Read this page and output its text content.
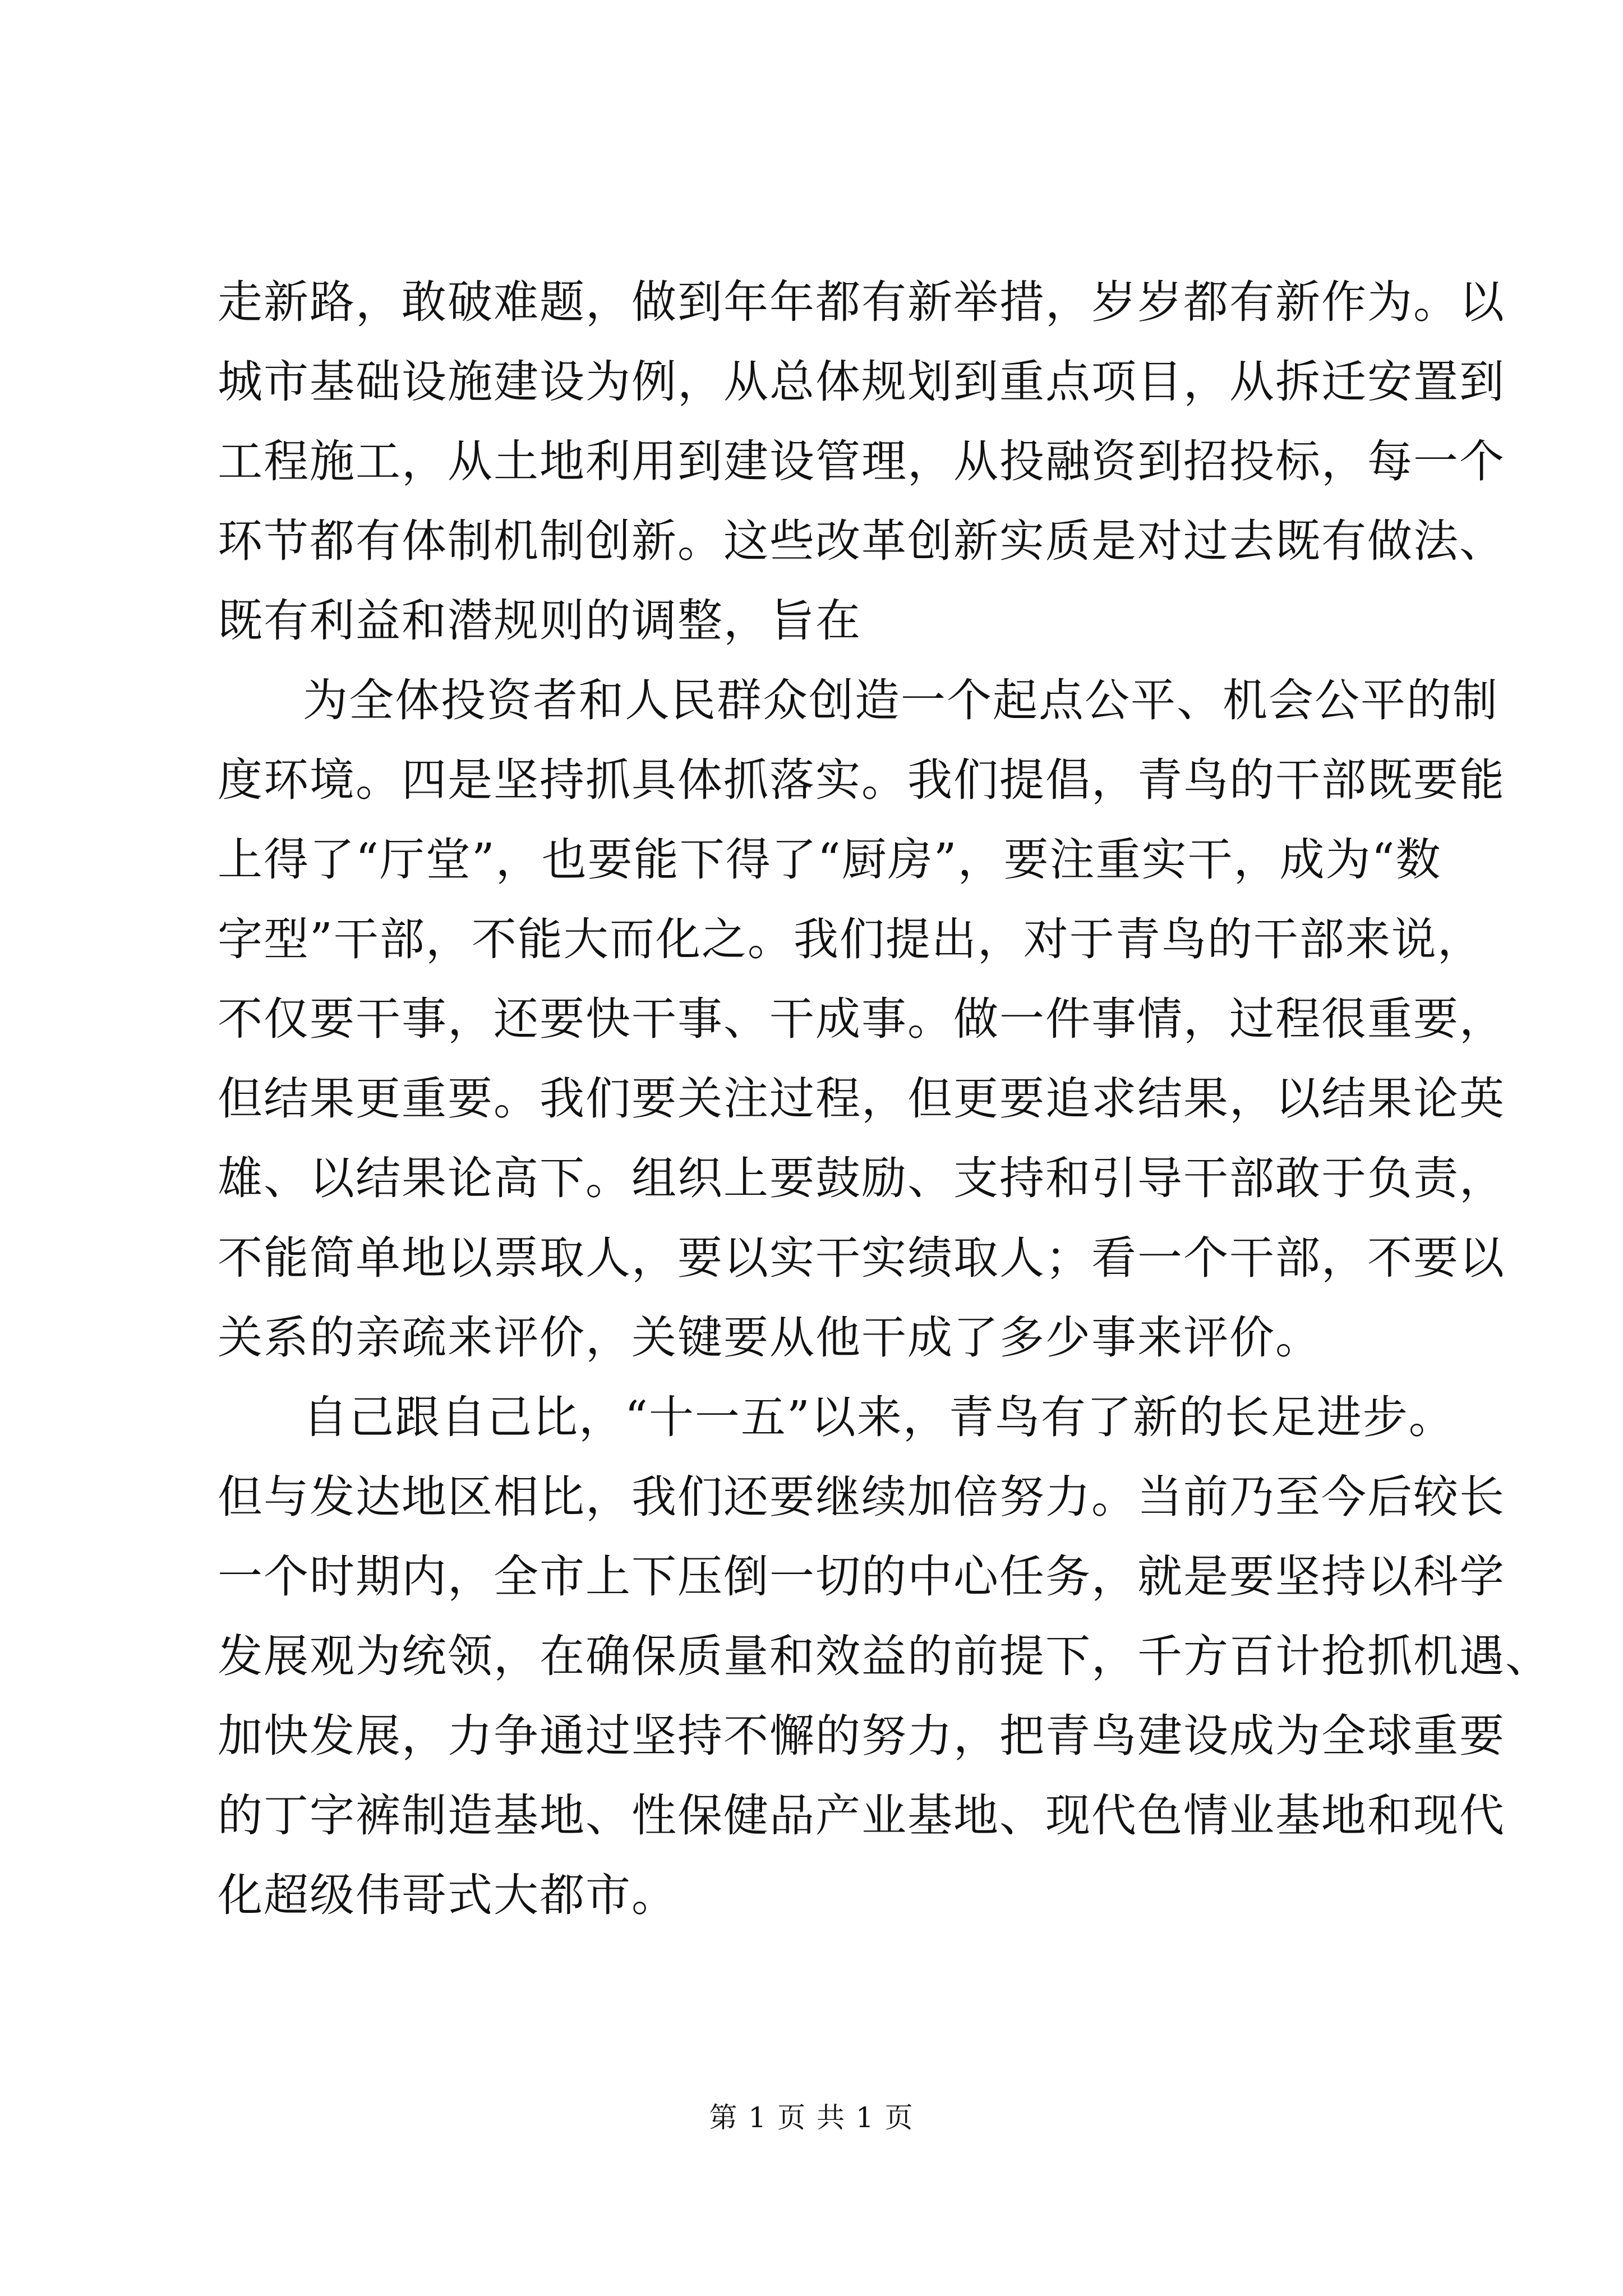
走新路，敢破难题，做到年年都有新举措，岁岁都有新作为。以
城市基础设施建设为例，从总体规划到重点项目，从拆迁安置到
工程施工，从土地利用到建设管理，从投融资到招投标，每一个
环节都有体制机制创新。这些改革创新实质是对过去既有做法、
既有利益和潜规则的调整，旨在
为全体投资者和人民群众创造一个起点公平、机会公平的制
度环境。四是坚持抓具体抓落实。我们提倡，青鸟的干部既要能
上得了“厅堂”，也要能下得了“厨房”，要注重实干，成为“数
字型”干部，不能大而化之。我们提出，对于青鸟的干部来说，
不仅要干事，还要快干事、干成事。做一件事情，过程很重要，
但结果更重要。我们要关注过程，但更要追求结果，以结果论英
雄、以结果论高下。组织上要鼓励、支持和引导干部敢于负责，
不能简单地以票取人，要以实干实绩取人；看一个干部，不要以
关系的亲疏来评价，关键要从他干成了多少事来评价。
自己跟自己比，“十一五”以来，青鸟有了新的长足进步。
但与发达地区相比，我们还要继续加倍努力。当前乃至今后较长
一个时期内，全市上下压倒一切的中心任务，就是要坚持以科学
发展观为统领，在确保质量和效益的前提下，千方百计抢抓机遇、
加快发展，力争通过坚持不懈的努力，把青鸟建设成为全球重要
的丁字裤制造基地、性保健品产业基地、现代色情业基地和现代
化超级伟哥式大都市。
第 1 页 共 1 页
